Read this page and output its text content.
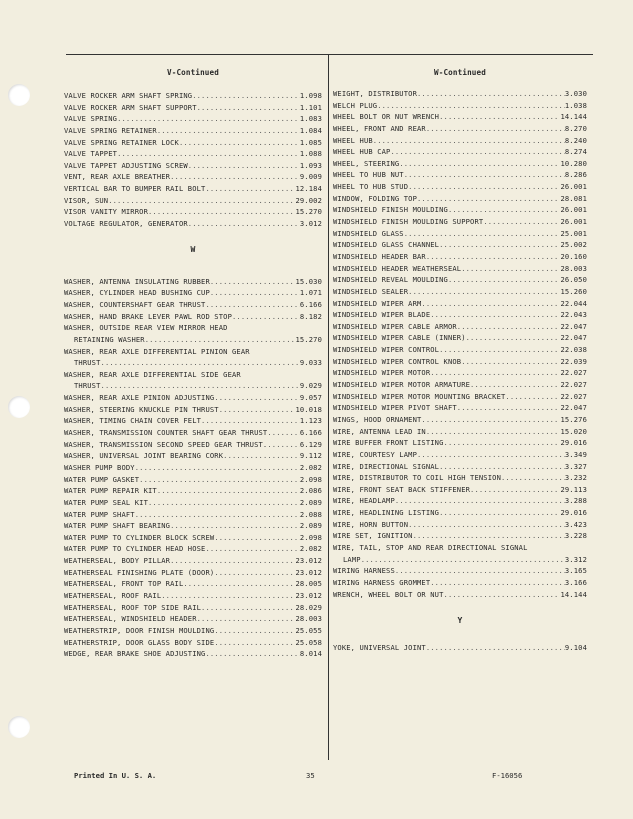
V-Continued
VALVE ROCKER ARM SHAFT SPRING .....	1.098
VALVE ROCKER ARM SHAFT SUPPORT .....	1.101
VALVE SPRING .....	1.083
VALVE SPRING RETAINER .....	1.084
VALVE SPRING RETAINER LOCK .....	1.085
VALVE TAPPET .....	1.088
VALVE TAPPET ADJUSTING SCREW .....	1.093
VENT, REAR AXLE BREATHER .....	9.009
VERTICAL BAR TO BUMPER RAIL BOLT .....	12.184
VISOR, SUN .....	29.002
VISOR VANITY MIRROR .....	15.270
VOLTAGE REGULATOR, GENERATOR .....	3.012
W
WASHER, ANTENNA INSULATING RUBBER .....	15.030
WASHER, CYLINDER HEAD BUSHING CUP .....	1.071
WASHER, COUNTERSHAFT GEAR THRUST .....	6.166
WASHER, HAND BRAKE LEVER PAWL ROD STOP .....	8.182
WASHER, OUTSIDE REAR VIEW MIRROR HEAD
RETAINING WASHER .....	15.270
WASHER, REAR AXLE DIFFERENTIAL PINION GEAR
THRUST .....	9.033
WASHER, REAR AXLE DIFFERENTIAL SIDE GEAR
THRUST .....	9.029
WASHER, REAR AXLE PINION ADJUSTING .....	9.057
WASHER, STEERING KNUCKLE PIN THRUST .....	10.018
WASHER, TIMING CHAIN COVER FELT .....	1.123
WASHER, TRANSMISSION COUNTER SHAFT GEAR THRUST .....	6.166
WASHER, TRANSMISSION SECOND SPEED GEAR THRUST. .....	6.129
WASHER, UNIVERSAL JOINT BEARING CORK .....	9.112
WASHER PUMP BODY .....	2.082
WATER PUMP GASKET .....	2.098
WATER PUMP REPAIR KIT .....	2.086
WATER PUMP SEAL KIT .....	2.089
WATER PUMP SHAFT .....	2.088
WATER PUMP SHAFT BEARING .....	2.089
WATER PUMP TO CYLINDER BLOCK SCREW .....	2.098
WATER PUMP TO CYLINDER HEAD HOSE .....	2.082
WEATHERSEAL, BODY PILLAR .....	23.012
WEATHERSEAL FINISHING PLATE (DOOR) .....	23.012
WEATHERSEAL, FRONT TOP RAIL .....	28.005
WEATHERSEAL, ROOF RAIL .....	23.012
WEATHERSEAL, ROOF TOP SIDE RAIL .....	28.029
WEATHERSEAL, WINDSHIELD HEADER .....	28.003
WEATHERSTRIP, DOOR FINISH MOULDING .....	25.055
WEATHERSTRIP, DOOR GLASS BODY SIDE .....	25.058
WEDGE, REAR BRAKE SHOE ADJUSTING .....	8.014
W-Continued
WEIGHT, DISTRIBUTOR .....	3.030
WELCH PLUG .....	1.038
WHEEL BOLT OR NUT WRENCH .....	14.144
WHEEL, FRONT AND REAR .....	8.270
WHEEL HUB .....	8.240
WHEEL HUB CAP .....	8.274
WHEEL, STEERING .....	10.280
WHEEL TO HUB NUT .....	8.286
WHEEL TO HUB STUD .....	26.001
WINDOW, FOLDING TOP .....	28.081
WINDSHIELD FINISH MOULDING .....	26.001
WINDSHIELD FINISH MOULDING SUPPORT .....	26.001
WINDSHIELD GLASS .....	25.001
WINDSHIELD GLASS CHANNEL .....	25.002
WINDSHIELD HEADER BAR .....	20.160
WINDSHIELD HEADER WEATHERSEAL .....	28.003
WINDSHIELD REVEAL MOULDING .....	26.050
WINDSHIELD SEALER .....	15.260
WINDSHIELD WIPER ARM .....	22.044
WINDSHIELD WIPER BLADE .....	22.043
WINDSHIELD WIPER CABLE ARMOR .....	22.047
WINDSHIELD WIPER CABLE (INNER) .....	22.047
WINDSHIELD WIPER CONTROL .....	22.038
WINDSHIELD WIPER CONTROL KNOB .....	22.039
WINDSHIELD WIPER MOTOR .....	22.027
WINDSHIELD WIPER MOTOR ARMATURE .....	22.027
WINDSHIELD WIPER MOTOR MOUNTING BRACKET .....	22.027
WINDSHIELD WIPER PIVOT SHAFT .....	22.047
WINGS, HOOD ORNAMENT .....	15.276
WIRE, ANTENNA LEAD IN .....	15.020
WIRE BUFFER FRONT LISTING .....	29.016
WIRE, COURTESY LAMP .....	3.349
WIRE, DIRECTIONAL SIGNAL .....	3.327
WIRE, DISTRIBUTOR TO COIL HIGH TENSION .....	3.232
WIRE, FRONT SEAT BACK STIFFENER .....	29.113
WIRE, HEADLAMP .....	3.288
WIRE, HEADLINING LISTING .....	29.016
WIRE, HORN BUTTON .....	3.423
WIRE SET, IGNITION .....	3.228
WIRE, TAIL, STOP AND REAR DIRECTIONAL SIGNAL
LAMP .....	3.312
WIRING HARNESS .....	3.165
WIRING HARNESS GROMMET .....	3.166
WRENCH, WHEEL BOLT OR NUT .....	14.144
Y
YOKE, UNIVERSAL JOINT .....	9.104
Printed In U. S. A.	35	F-16056
